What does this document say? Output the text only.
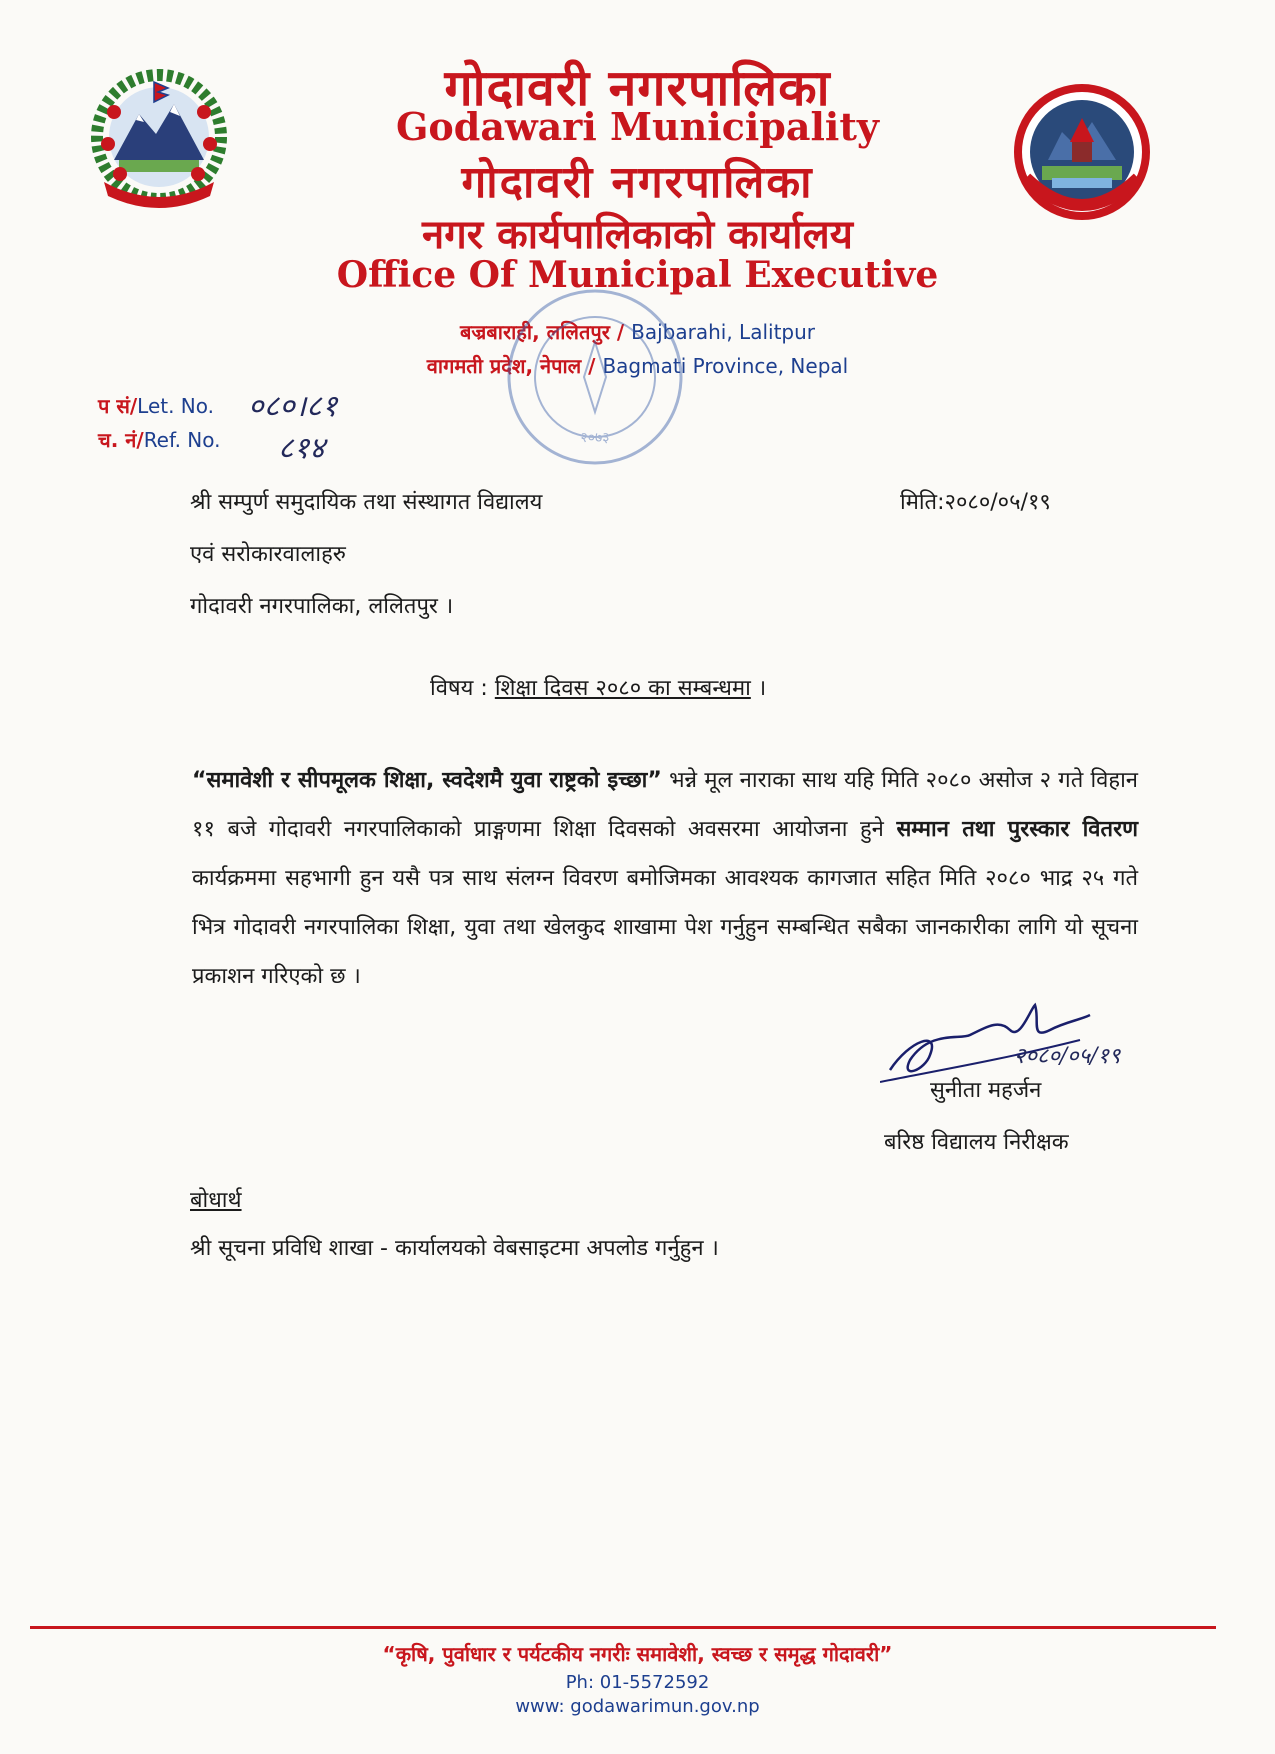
गोदावरी नगरपालिका
Godawari Municipality
गोदावरी नगरपालिका
नगर कार्यपालिकाको कार्यालय
Office Of Municipal Executive
बज्रबाराही, ललितपुर / Bajbarahi, Lalitpur
वागमती प्रदेश, नेपाल / Bagmati Province, Nepal
२०७३
प सं/Let. No. ०८०।८१
च. नं/Ref. No. ८१४
श्री सम्पुर्ण समुदायिक तथा संस्थागत विद्यालय
एवं सरोकारवालाहरु
गोदावरी नगरपालिका, ललितपुर ।
मिति:२०८०/०५/१९
विषय : शिक्षा दिवस २०८० का सम्बन्धमा ।
“समावेशी र सीपमूलक शिक्षा, स्वदेशमै युवा राष्ट्रको इच्छा” भन्ने मूल नाराका साथ यहि मिति २०८० असोज २ गते विहान ११ बजे गोदावरी नगरपालिकाको प्राङ्गणमा शिक्षा दिवसको अवसरमा आयोजना हुने सम्मान तथा पुरस्कार वितरण कार्यक्रममा सहभागी हुन यसै पत्र साथ संलग्न विवरण बमोजिमका आवश्यक कागजात सहित मिति २०८० भाद्र २५ गते भित्र गोदावरी नगरपालिका शिक्षा, युवा तथा खेलकुद शाखामा पेश गर्नुहुन सम्बन्धित सबैका जानकारीका लागि यो सूचना प्रकाशन गरिएको छ ।
२०८०/०५/१९
सुनीता महर्जन
बरिष्ठ विद्यालय निरीक्षक
बोधार्थ
श्री सूचना प्रविधि शाखा - कार्यालयको वेबसाइटमा अपलोड गर्नुहुन ।
“कृषि, पुर्वाधार र पर्यटकीय नगरीः समावेशी, स्वच्छ र समृद्ध गोदावरी”
Ph: 01-5572592
www: godawarimun.gov.np
